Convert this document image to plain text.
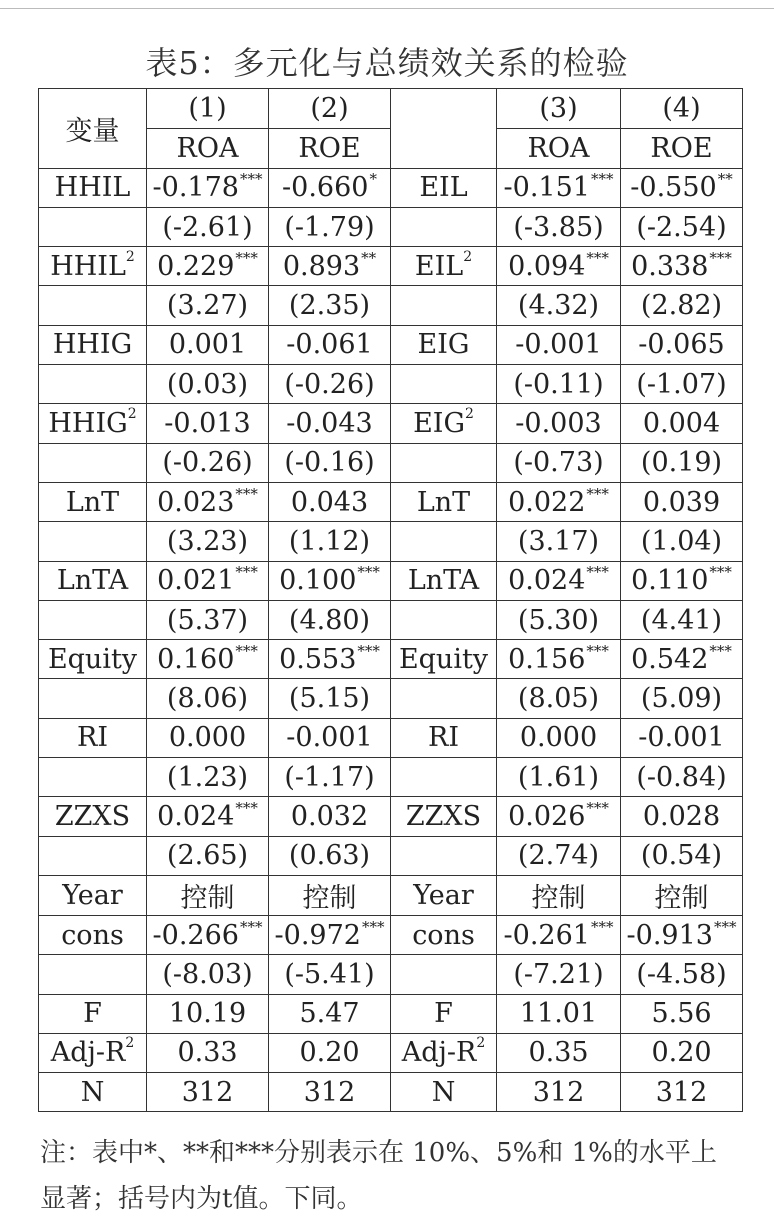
表5：多元化与总绩效关系的检验
变量	(1)	(2)		(3)	(4)
	ROA	ROE		ROA	ROE
HHIL	-0.178***	-0.660*	EIL	-0.151***	-0.550**
	(-2.61)	(-1.79)		(-3.85)	(-2.54)
HHIL$^2$	0.229***	0.893**	EIL$^2$	0.094***	0.338***
	(3.27)	(2.35)		(4.32)	(2.82)
HHIG	0.001	-0.061	EIG	-0.001	-0.065
	(0.03)	(-0.26)		(-0.11)	(-1.07)
HHIG$^2$	-0.013	-0.043	EIG$^2$	-0.003	0.004
	(-0.26)	(-0.16)		(-0.73)	(0.19)
LnT	0.023***	0.043	LnT	0.022***	0.039
	(3.23)	(1.12)		(3.17)	(1.04)
LnTA	0.021***	0.100***	LnTA	0.024***	0.110***
	(5.37)	(4.80)		(5.30)	(4.41)
Equity	0.160***	0.553***	Equity	0.156***	0.542***
	(8.06)	(5.15)		(8.05)	(5.09)
RI	0.000	-0.001	RI	0.000	-0.001
	(1.23)	(-1.17)		(1.61)	(-0.84)
ZZXS	0.024***	0.032	ZZXS	0.026***	0.028
	(2.65)	(0.63)		(2.74)	(0.54)
Year	控制	控制	Year	控制	控制
cons	-0.266***	-0.972***	cons	-0.261***	-0.913***
	(-8.03)	(-5.41)		(-7.21)	(-4.58)
F	10.19	5.47	F	11.01	5.56
Adj-$R^2$	0.33	0.20	Adj-$R^2$	0.35	0.20
N	312	312	N	312	312

注：表中*、**和***分别表示在 10%、5%和 1%的水平上显著；括号内为t值。下同。
